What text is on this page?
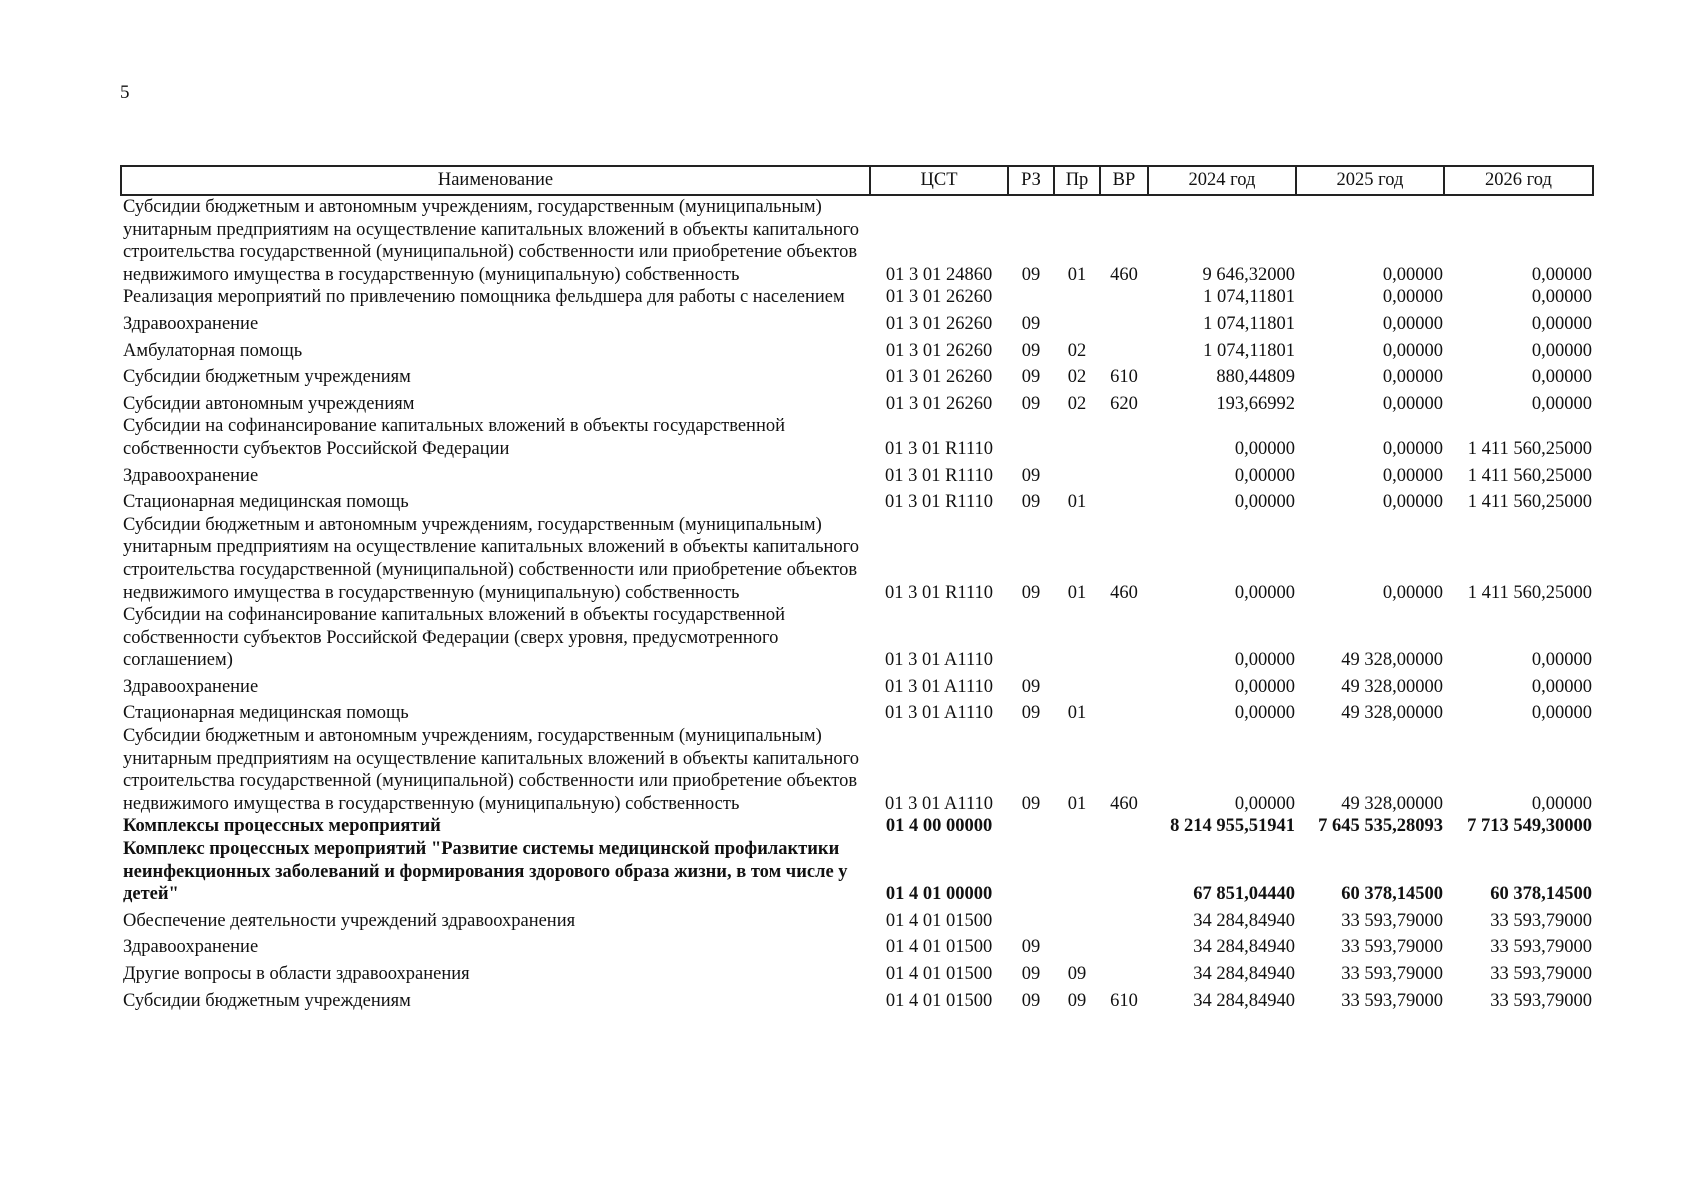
5
Наименование	ЦСТ	РЗ	Пр	ВР	2024 год	2025 год	2026 год
Субсидии бюджетным и автономным учреждениям, государственным (муниципальным) унитарным предприятиям на осуществление капитальных вложений в объекты капитального строительства государственной (муниципальной) собственности или приобретение объектов недвижимого имущества в государственную (муниципальную) собственность	01 3 01 24860	09	01	460	9 646,32000	0,00000	0,00000
Реализация мероприятий по привлечению помощника фельдшера для работы с населением	01 3 01 26260				1 074,11801	0,00000	0,00000
Здравоохранение	01 3 01 26260	09			1 074,11801	0,00000	0,00000
Амбулаторная помощь	01 3 01 26260	09	02		1 074,11801	0,00000	0,00000
Субсидии бюджетным учреждениям	01 3 01 26260	09	02	610	880,44809	0,00000	0,00000
Субсидии автономным учреждениям	01 3 01 26260	09	02	620	193,66992	0,00000	0,00000
Субсидии на софинансирование капитальных вложений в объекты государственной собственности субъектов Российской Федерации	01 3 01 R1110				0,00000	0,00000	1 411 560,25000
Здравоохранение	01 3 01 R1110	09			0,00000	0,00000	1 411 560,25000
Стационарная медицинская помощь	01 3 01 R1110	09	01		0,00000	0,00000	1 411 560,25000
Субсидии бюджетным и автономным учреждениям, государственным (муниципальным) унитарным предприятиям на осуществление капитальных вложений в объекты капитального строительства государственной (муниципальной) собственности или приобретение объектов недвижимого имущества в государственную (муниципальную) собственность	01 3 01 R1110	09	01	460	0,00000	0,00000	1 411 560,25000
Субсидии на софинансирование капитальных вложений в объекты государственной собственности субъектов Российской Федерации (сверх уровня, предусмотренного соглашением)	01 3 01 A1110				0,00000	49 328,00000	0,00000
Здравоохранение	01 3 01 A1110	09			0,00000	49 328,00000	0,00000
Стационарная медицинская помощь	01 3 01 A1110	09	01		0,00000	49 328,00000	0,00000
Субсидии бюджетным и автономным учреждениям, государственным (муниципальным) унитарным предприятиям на осуществление капитальных вложений в объекты капитального строительства государственной (муниципальной) собственности или приобретение объектов недвижимого имущества в государственную (муниципальную) собственность	01 3 01 A1110	09	01	460	0,00000	49 328,00000	0,00000
Комплексы процессных мероприятий	01 4 00 00000				8 214 955,51941	7 645 535,28093	7 713 549,30000
Комплекс процессных мероприятий "Развитие системы медицинской профилактики неинфекционных заболеваний и формирования здорового образа жизни, в том числе у детей"	01 4 01 00000				67 851,04440	60 378,14500	60 378,14500
Обеспечение деятельности учреждений здравоохранения	01 4 01 01500				34 284,84940	33 593,79000	33 593,79000
Здравоохранение	01 4 01 01500	09			34 284,84940	33 593,79000	33 593,79000
Другие вопросы в области здравоохранения	01 4 01 01500	09	09		34 284,84940	33 593,79000	33 593,79000
Субсидии бюджетным учреждениям	01 4 01 01500	09	09	610	34 284,84940	33 593,79000	33 593,79000
